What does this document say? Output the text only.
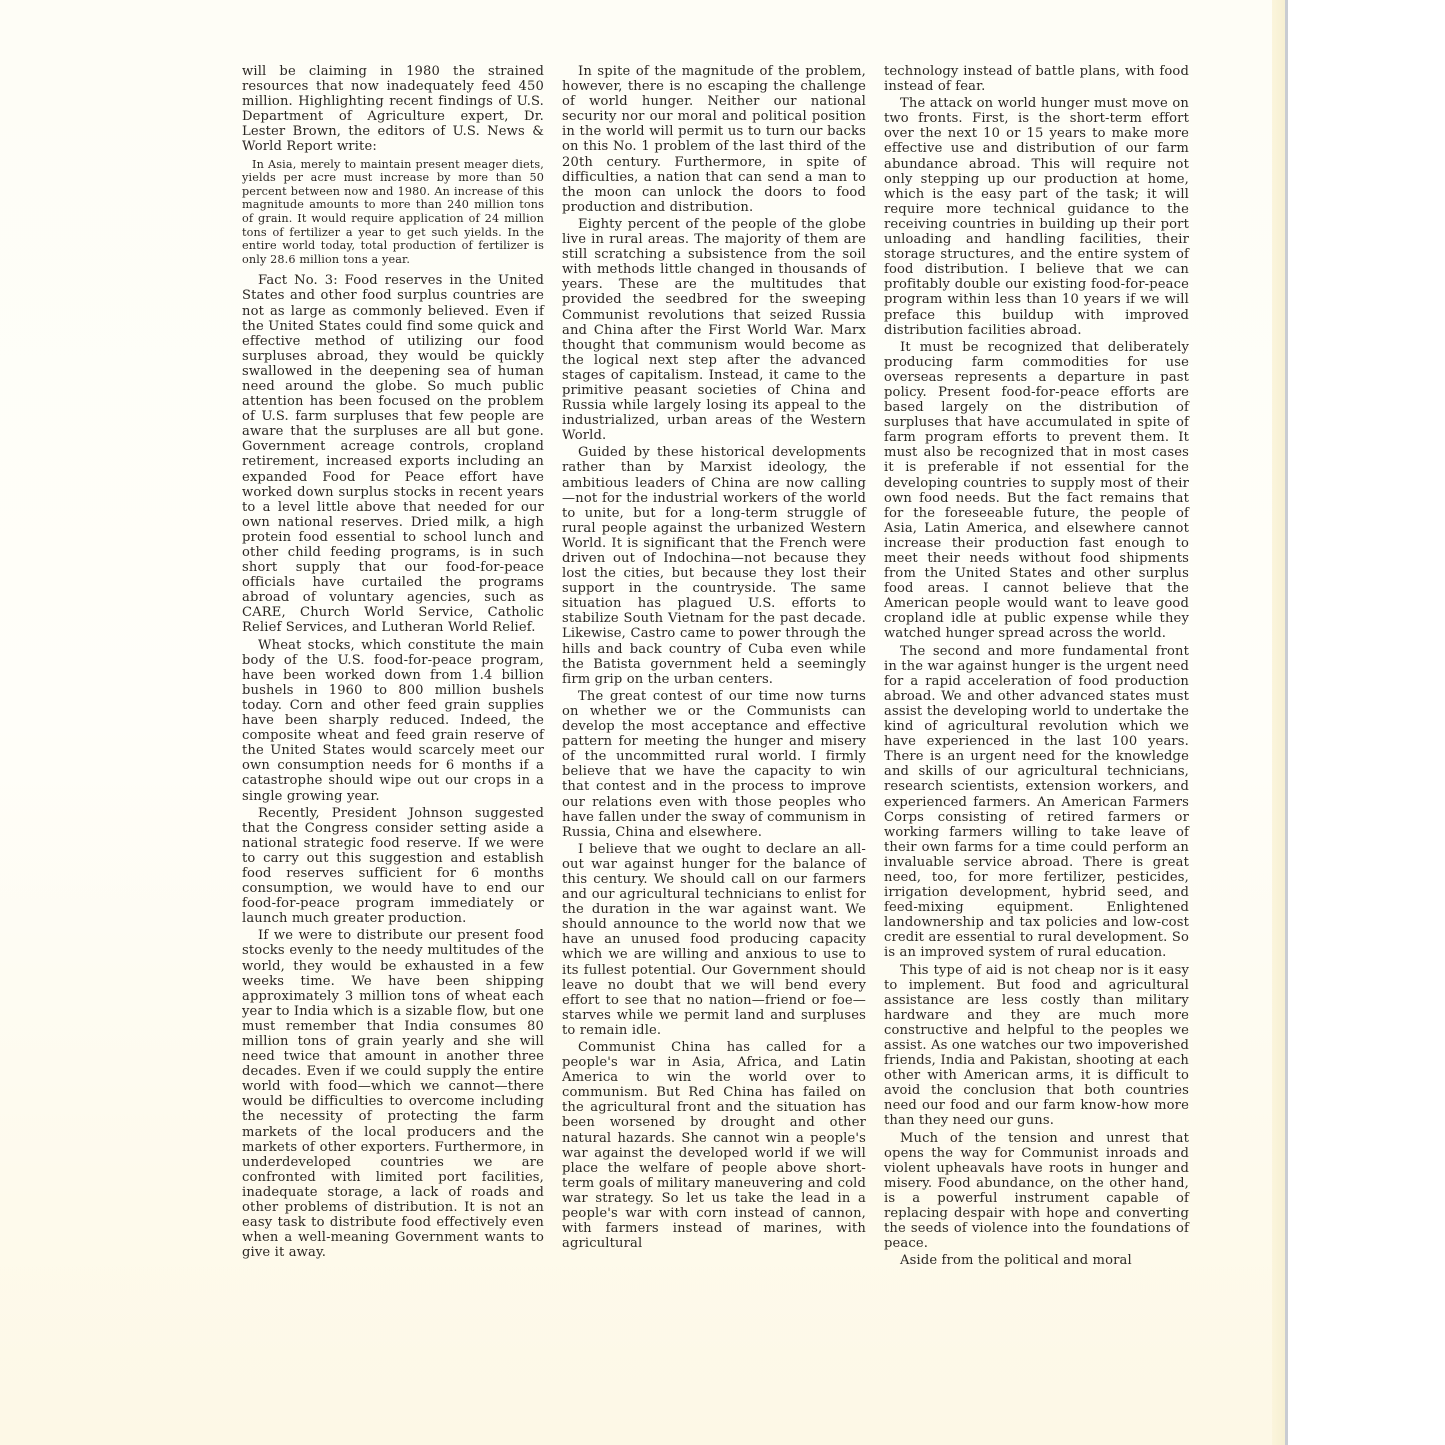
will be claiming in 1980 the strained resources that now inadequately feed 450 million. Highlighting recent findings of U.S. Department of Agriculture expert, Dr. Lester Brown, the editors of U.S. News & World Report write:

In Asia, merely to maintain present meager diets, yields per acre must increase by more than 50 percent between now and 1980. An increase of this magnitude amounts to more than 240 million tons of grain. It would require application of 24 million tons of fertilizer a year to get such yields. In the entire world today, total production of fertilizer is only 28.6 million tons a year.

Fact No. 3: Food reserves in the United States and other food surplus countries are not as large as commonly believed. Even if the United States could find some quick and effective method of utilizing our food surpluses abroad, they would be quickly swallowed in the deepening sea of human need around the globe. So much public attention has been focused on the problem of U.S. farm surpluses that few people are aware that the surpluses are all but gone. Government acreage controls, cropland retirement, increased exports including an expanded Food for Peace effort have worked down surplus stocks in recent years to a level little above that needed for our own national reserves. Dried milk, a high protein food essential to school lunch and other child feeding programs, is in such short supply that our food-for-peace officials have curtailed the programs abroad of voluntary agencies, such as CARE, Church World Service, Catholic Relief Services, and Lutheran World Relief.

Wheat stocks, which constitute the main body of the U.S. food-for-peace program, have been worked down from 1.4 billion bushels in 1960 to 800 million bushels today. Corn and other feed grain supplies have been sharply reduced. Indeed, the composite wheat and feed grain reserve of the United States would scarcely meet our own consumption needs for 6 months if a catastrophe should wipe out our crops in a single growing year.

Recently, President Johnson suggested that the Congress consider setting aside a national strategic food reserve. If we were to carry out this suggestion and establish food reserves sufficient for 6 months consumption, we would have to end our food-for-peace program immediately or launch much greater production.

If we were to distribute our present food stocks evenly to the needy multitudes of the world, they would be exhausted in a few weeks time. We have been shipping approximately 3 million tons of wheat each year to India which is a sizable flow, but one must remember that India consumes 80 million tons of grain yearly and she will need twice that amount in another three decades. Even if we could supply the entire world with food—which we cannot—there would be difficulties to overcome including the necessity of protecting the farm markets of the local producers and the markets of other exporters. Furthermore, in underdeveloped countries we are confronted with limited port facilities, inadequate storage, a lack of roads and other problems of distribution. It is not an easy task to distribute food effectively even when a well-meaning Government wants to give it away.

In spite of the magnitude of the problem, however, there is no escaping the challenge of world hunger. Neither our national security nor our moral and political position in the world will permit us to turn our backs on this No. 1 problem of the last third of the 20th century. Furthermore, in spite of difficulties, a nation that can send a man to the moon can unlock the doors to food production and distribution.

Eighty percent of the people of the globe live in rural areas. The majority of them are still scratching a subsistence from the soil with methods little changed in thousands of years. These are the multitudes that provided the seedbred for the sweeping Communist revolutions that seized Russia and China after the First World War. Marx thought that communism would become as the logical next step after the advanced stages of capitalism. Instead, it came to the primitive peasant societies of China and Russia while largely losing its appeal to the industrialized, urban areas of the Western World.

Guided by these historical developments rather than by Marxist ideology, the ambitious leaders of China are now calling—not for the industrial workers of the world to unite, but for a long-term struggle of rural people against the urbanized Western World. It is significant that the French were driven out of Indochina—not because they lost the cities, but because they lost their support in the countryside. The same situation has plagued U.S. efforts to stabilize South Vietnam for the past decade. Likewise, Castro came to power through the hills and back country of Cuba even while the Batista government held a seemingly firm grip on the urban centers.

The great contest of our time now turns on whether we or the Communists can develop the most acceptance and effective pattern for meeting the hunger and misery of the uncommitted rural world. I firmly believe that we have the capacity to win that contest and in the process to improve our relations even with those peoples who have fallen under the sway of communism in Russia, China and elsewhere.

I believe that we ought to declare an all-out war against hunger for the balance of this century. We should call on our farmers and our agricultural technicians to enlist for the duration in the war against want. We should announce to the world now that we have an unused food producing capacity which we are willing and anxious to use to its fullest potential. Our Government should leave no doubt that we will bend every effort to see that no nation—friend or foe—starves while we permit land and surpluses to remain idle.

Communist China has called for a people's war in Asia, Africa, and Latin America to win the world over to communism. But Red China has failed on the agricultural front and the situation has been worsened by drought and other natural hazards. She cannot win a people's war against the developed world if we will place the welfare of people above short-term goals of military maneuvering and cold war strategy. So let us take the lead in a people's war with corn instead of cannon, with farmers instead of marines, with agricultural

technology instead of battle plans, with food instead of fear.

The attack on world hunger must move on two fronts. First, is the short-term effort over the next 10 or 15 years to make more effective use and distribution of our farm abundance abroad. This will require not only stepping up our production at home, which is the easy part of the task; it will require more technical guidance to the receiving countries in building up their port unloading and handling facilities, their storage structures, and the entire system of food distribution. I believe that we can profitably double our existing food-for-peace program within less than 10 years if we will preface this buildup with improved distribution facilities abroad.

It must be recognized that deliberately producing farm commodities for use overseas represents a departure in past policy. Present food-for-peace efforts are based largely on the distribution of surpluses that have accumulated in spite of farm program efforts to prevent them. It must also be recognized that in most cases it is preferable if not essential for the developing countries to supply most of their own food needs. But the fact remains that for the foreseeable future, the people of Asia, Latin America, and elsewhere cannot increase their production fast enough to meet their needs without food shipments from the United States and other surplus food areas. I cannot believe that the American people would want to leave good cropland idle at public expense while they watched hunger spread across the world.

The second and more fundamental front in the war against hunger is the urgent need for a rapid acceleration of food production abroad. We and other advanced states must assist the developing world to undertake the kind of agricultural revolution which we have experienced in the last 100 years. There is an urgent need for the knowledge and skills of our agricultural technicians, research scientists, extension workers, and experienced farmers. An American Farmers Corps consisting of retired farmers or working farmers willing to take leave of their own farms for a time could perform an invaluable service abroad. There is great need, too, for more fertilizer, pesticides, irrigation development, hybrid seed, and feed-mixing equipment. Enlightened landownership and tax policies and low-cost credit are essential to rural development. So is an improved system of rural education.

This type of aid is not cheap nor is it easy to implement. But food and agricultural assistance are less costly than military hardware and they are much more constructive and helpful to the peoples we assist. As one watches our two impoverished friends, India and Pakistan, shooting at each other with American arms, it is difficult to avoid the conclusion that both countries need our food and our farm know-how more than they need our guns.

Much of the tension and unrest that opens the way for Communist inroads and violent upheavals have roots in hunger and misery. Food abundance, on the other hand, is a powerful instrument capable of replacing despair with hope and converting the seeds of violence into the foundations of peace.

Aside from the political and moral
